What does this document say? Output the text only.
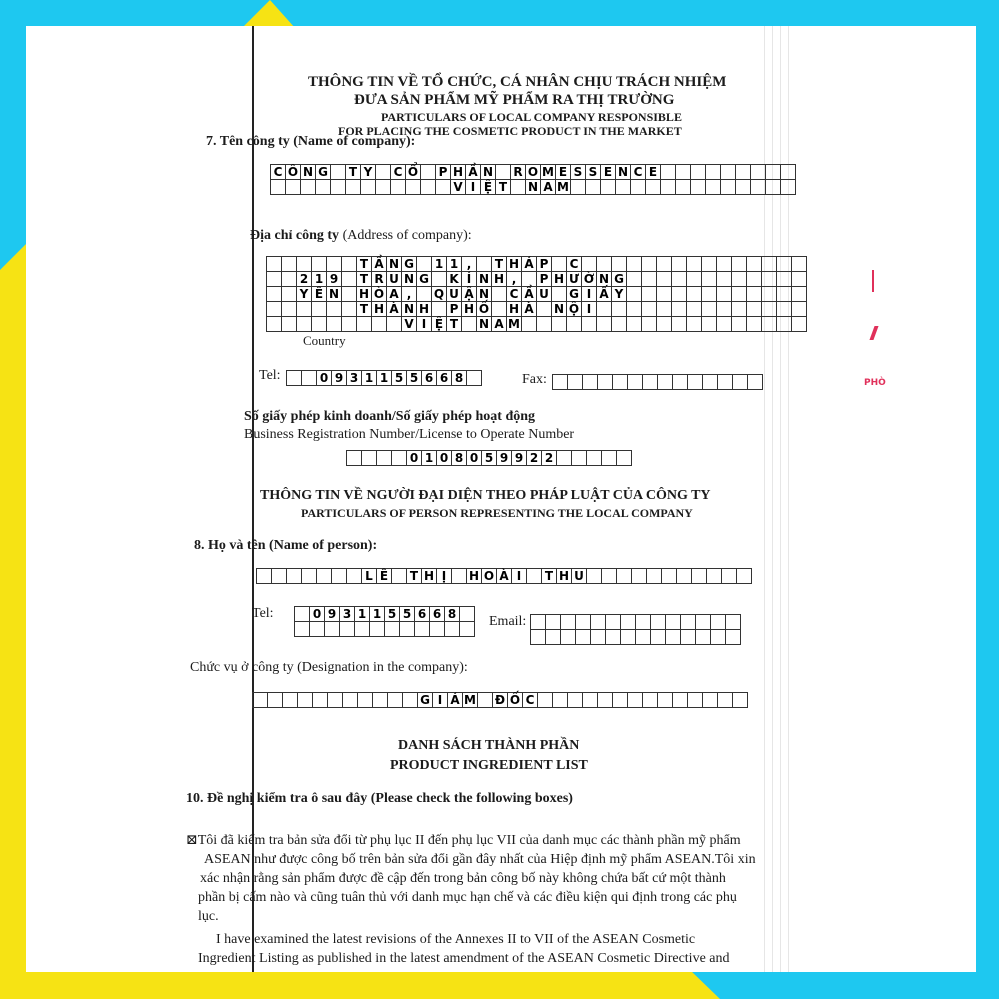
THÔNG TIN VỀ TỔ CHỨC, CÁ NHÂN CHỊU TRÁCH NHIỆM
ĐƯA SẢN PHẨM MỸ PHẨM RA THỊ TRƯỜNG
PARTICULARS OF LOCAL COMPANY RESPONSIBLE
FOR PLACING THE COSMETIC PRODUCT IN THE MARKET
7. Tên công ty (Name of company):
C	Ô	N	G		T	Y		C	Ổ		P	H	Ầ	N		R	O	M	E	S	S	E	N	C	E									
												V	I	Ệ	T		N	A	M															
Địa chỉ công ty (Address of company):
						T	Ầ	N	G		1	1	,		T	H	Á	P		C															
		2	1	9		T	R	U	N	G		K	Í	N	H	,		P	H	Ư	Ờ	N	G												
		Y	Ê	N		H	Ò	A	,		Q	U	Ậ	N		C	Ầ	U		G	I	Ấ	Y												
						T	H	À	N	H		P	H	Ố		H	À		N	Ộ	I														
									V	I	Ệ	T		N	A	M																			
Country
Tel:
			0	9	3	1	1	5	5	6	6	8		Fax:

Số giấy phép kinh doanh/Số giấy phép hoạt động
Business Registration Number/License to Operate Number
				0	1	0	8	0	5	9	9	2	2					
THÔNG TIN VỀ NGƯỜI ĐẠI DIỆN THEO PHÁP LUẬT CỦA CÔNG TY
PARTICULARS OF PERSON REPRESENTING THE LOCAL COMPANY
8. Họ và tên (Name of person):
							L	Ê		T	H	Ị		H	O	À	I		T	H	U											
Tel:
		0	9	3	1	1	5	5	6	6	8	
											Email:

Chức vụ ở công ty (Designation in the company):
											G	I	Á	M		Đ	Ố	C														
DANH SÁCH THÀNH PHẦN
PRODUCT INGREDIENT LIST
10. Đề nghị kiểm tra ô sau đây (Please check the following boxes)
⊠Tôi đã kiểm tra bản sửa đổi từ phụ lục II đến phụ lục VII của danh mục các thành phần mỹ phẩm
ASEAN như được công bố trên bản sửa đổi gần đây nhất của Hiệp định mỹ phẩm ASEAN.Tôi xin
xác nhận rằng sản phẩm được đề cập đến trong bản công bố này không chứa bất cứ một thành
phần bị cấm nào và cũng tuân thủ với danh mục hạn chế và các điều kiện qui định trong các phụ
lục.
I have examined the latest revisions of the Annexes II to VII of the ASEAN Cosmetic
Ingredient Listing as published in the latest amendment of the ASEAN Cosmetic Directive and
PHÒ
